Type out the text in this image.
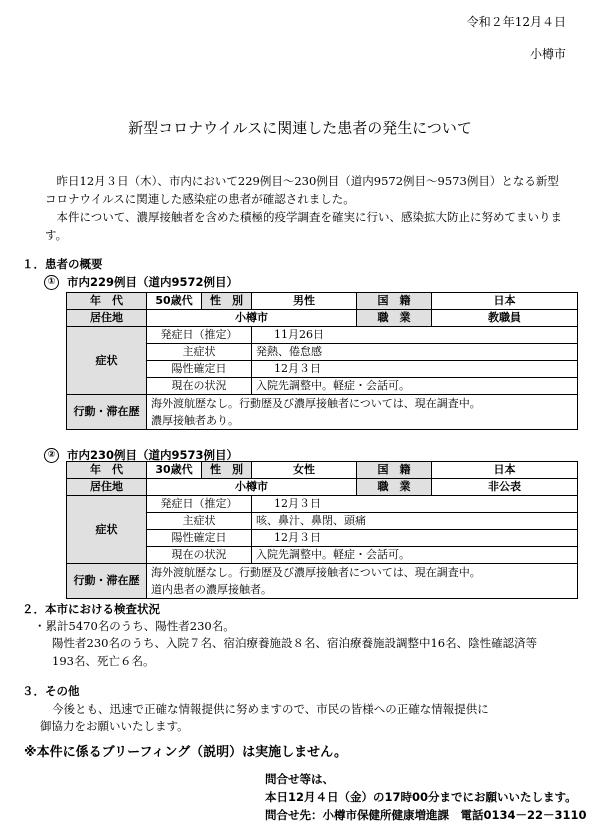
令和２年12月４日
小樽市
新型コロナウイルスに関連した患者の発生について
昨日12月３日（木）、市内において229例目～230例目（道内9572例目～9573例目）となる新型コロナウイルスに関連した感染症の患者が確認されました。
本件について、濃厚接触者を含めた積極的疫学調査を確実に行い、感染拡大防止に努めてまいります。
１．患者の概要
① 市内229例目（道内9572例目）
年　代	50歳代	性　別	男性	国　籍	日本
居住地	小樽市			職　業	教職員
症状	発症日（推定）		11月26日		
	主症状		発熱、倦怠感		
	陽性確定日		12月３日		
	現在の状況		入院先調整中。軽症・会話可。		
行動・滞在歴	海外渡航歴なし。行動歴及び濃厚接触者については、現在調査中。
濃厚接触者あり。				
② 市内230例目（道内9573例目）
年　代	30歳代	性　別	女性	国　籍	日本
居住地	小樽市			職　業	非公表
症状	発症日（推定）		12月３日		
	主症状		咳、鼻汁、鼻閉、頭痛		
	陽性確定日		12月３日		
	現在の状況		入院先調整中。軽症・会話可。		
行動・滞在歴	海外渡航歴なし。行動歴及び濃厚接触者については、現在調査中。
道内患者の濃厚接触者。				
２．本市における検査状況
・累計5470名のうち、陽性者230名。
陽性者230名のうち、入院７名、宿泊療養施設８名、宿泊療養施設調整中16名、陰性確認済等
193名、死亡６名。
３．その他
今後とも、迅速で正確な情報提供に努めますので、市民の皆様への正確な情報提供に
御協力をお願いいたします。
※本件に係るブリーフィング（説明）は実施しません。
問合せ等は、
本日12月４日（金）の17時00分までにお願いいたします。
問合せ先：小樽市保健所健康増進課　電話0134－22－3110
